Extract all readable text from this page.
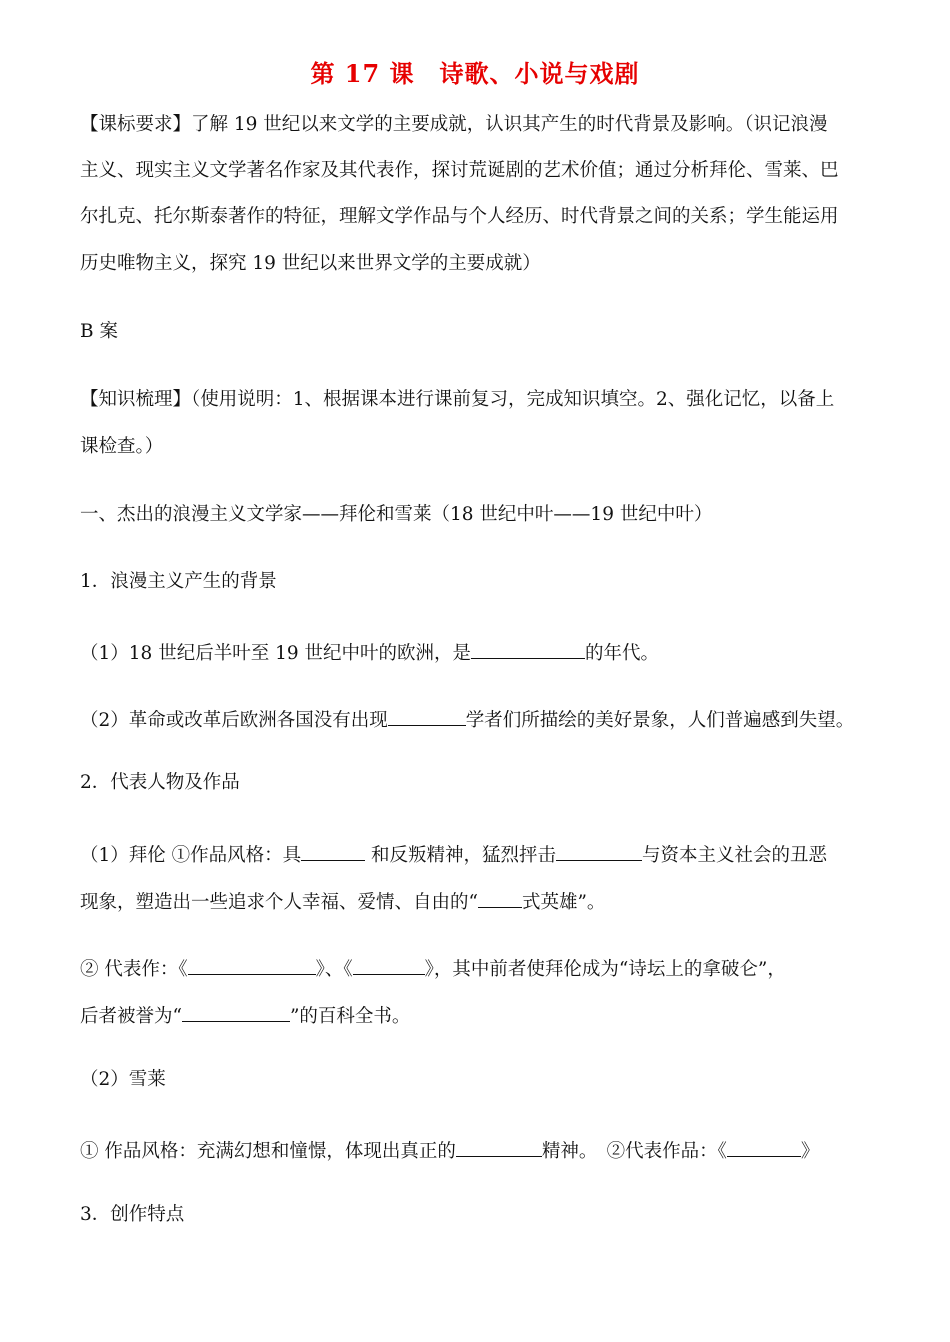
第 17 课　诗歌、小说与戏剧
【课标要求】了解 19 世纪以来文学的主要成就，认识其产生的时代背景及影响。（识记浪漫
主义、现实主义文学著名作家及其代表作，探讨荒诞剧的艺术价值；通过分析拜伦、雪莱、巴
尔扎克、托尔斯泰著作的特征，理解文学作品与个人经历、时代背景之间的关系；学生能运用
历史唯物主义，探究 19 世纪以来世界文学的主要成就）
B 案
【知识梳理】（使用说明：1、根据课本进行课前复习，完成知识填空。2、强化记忆，以备上
课检查。）
一、杰出的浪漫主义文学家——拜伦和雪莱（18 世纪中叶——19 世纪中叶）
1．浪漫主义产生的背景
（1）18 世纪后半叶至 19 世纪中叶的欧洲，是	的年代。
（2）革命或改革后欧洲各国没有出现	学者们所描绘的美好景象，人们普遍感到失望。
2．代表人物及作品
（1）拜伦 ①作品风格：具	和反叛精神，猛烈抨击	与资本主义社会的丑恶
现象，塑造出一些追求个人幸福、爱情、自由的“ 式英雄”。
② 代表作：《	》、《	》，其中前者使拜伦成为“诗坛上的拿破仑”，
后者被誉为“	”的百科全书。
（2）雪莱
① 作品风格：充满幻想和憧憬，体现出真正的	精神。　②代表作品：《	》
3．创作特点
